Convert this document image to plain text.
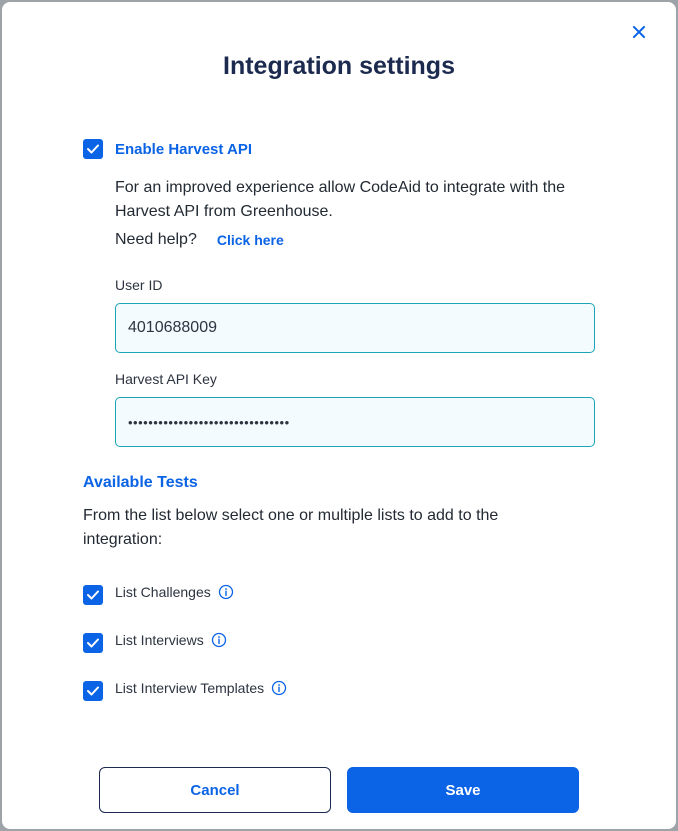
Integration settings
Enable Harvest API
For an improved experience allow CodeAid to integrate with the Harvest API from Greenhouse.
Need help? Click here
User ID
4010688009
Harvest API Key
••••••••••••••••••••••••••••••••
Available Tests
From the list below select one or multiple lists to add to the integration:
List Challenges
List Interviews
List Interview Templates
Cancel	Save
